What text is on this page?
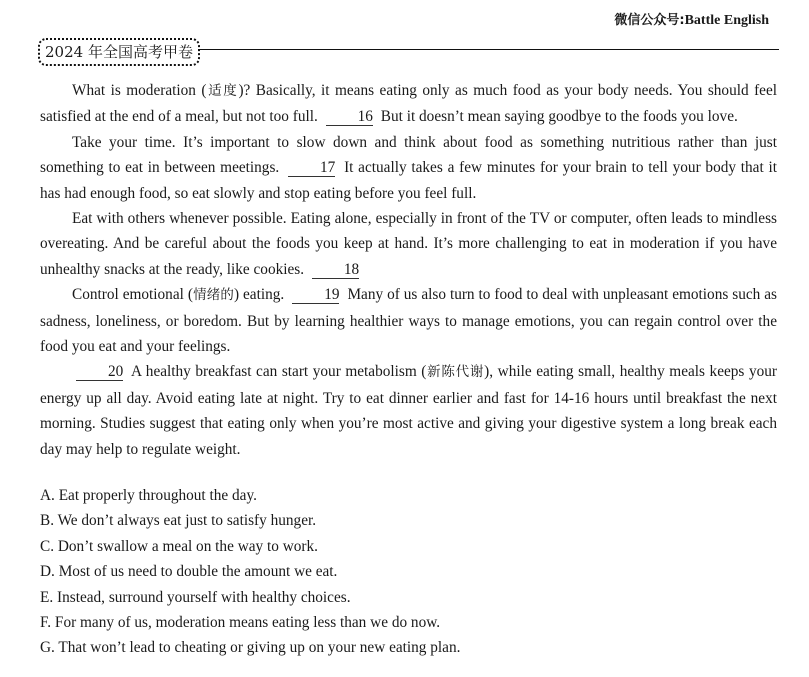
微信公众号:Battle English
2024 年全国高考甲卷

What is moderation (适度)? Basically, it means eating only as much food as your body needs. You should feel satisfied at the end of a meal, but not too full. 16 But it doesn’t mean saying goodbye to the foods you love.

Take your time. It’s important to slow down and think about food as something nutritious rather than just something to eat in between meetings. 17 It actually takes a few minutes for your brain to tell your body that it has had enough food, so eat slowly and stop eating before you feel full.

Eat with others whenever possible. Eating alone, especially in front of the TV or computer, often leads to mindless overeating. And be careful about the foods you keep at hand. It’s more challenging to eat in moderation if you have unhealthy snacks at the ready, like cookies. 18

Control emotional (情绪的) eating. 19 Many of us also turn to food to deal with unpleasant emotions such as sadness, loneliness, or boredom. But by learning healthier ways to manage emotions, you can regain control over the food you eat and your feelings.

20 A healthy breakfast can start your metabolism (新陈代谢), while eating small, healthy meals keeps your energy up all day. Avoid eating late at night. Try to eat dinner earlier and fast for 14-16 hours until breakfast the next morning. Studies suggest that eating only when you’re most active and giving your digestive system a long break each day may help to regulate weight.

A. Eat properly throughout the day.
B. We don’t always eat just to satisfy hunger.
C. Don’t swallow a meal on the way to work.
D. Most of us need to double the amount we eat.
E. Instead, surround yourself with healthy choices.
F. For many of us, moderation means eating less than we do now.
G. That won’t lead to cheating or giving up on your new eating plan.
